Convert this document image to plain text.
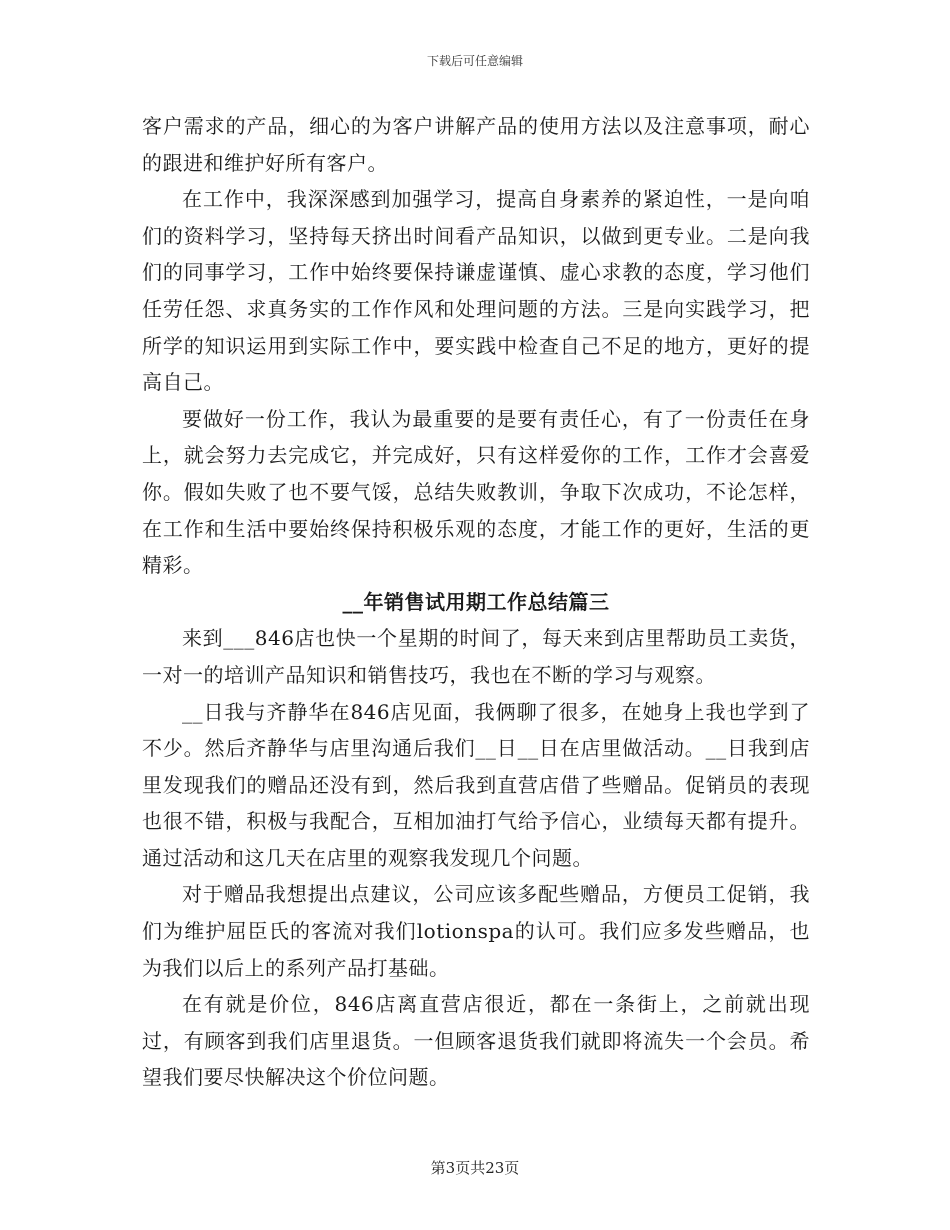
下载后可任意编辑

客户需求的产品，细心的为客户讲解产品的使用方法以及注意事项，耐心的跟进和维护好所有客户。

在工作中，我深深感到加强学习，提高自身素养的紧迫性，一是向咱们的资料学习，坚持每天挤出时间看产品知识，以做到更专业。二是向我们的同事学习，工作中始终要保持谦虚谨慎、虚心求教的态度，学习他们任劳任怨、求真务实的工作作风和处理问题的方法。三是向实践学习，把所学的知识运用到实际工作中，要实践中检查自己不足的地方，更好的提高自己。

要做好一份工作，我认为最重要的是要有责任心，有了一份责任在身上，就会努力去完成它，并完成好，只有这样爱你的工作，工作才会喜爱你。假如失败了也不要气馁，总结失败教训，争取下次成功，不论怎样，在工作和生活中要始终保持积极乐观的态度，才能工作的更好，生活的更精彩。

__年销售试用期工作总结篇三

来到___846店也快一个星期的时间了，每天来到店里帮助员工卖货，一对一的培训产品知识和销售技巧，我也在不断的学习与观察。

__日我与齐静华在846店见面，我俩聊了很多，在她身上我也学到了不少。然后齐静华与店里沟通后我们__日__日在店里做活动。__日我到店里发现我们的赠品还没有到，然后我到直营店借了些赠品。促销员的表现也很不错，积极与我配合，互相加油打气给予信心，业绩每天都有提升。通过活动和这几天在店里的观察我发现几个问题。

对于赠品我想提出点建议，公司应该多配些赠品，方便员工促销，我们为维护屈臣氏的客流对我们lotionspa的认可。我们应多发些赠品，也为我们以后上的系列产品打基础。

在有就是价位，846店离直营店很近，都在一条街上，之前就出现过，有顾客到我们店里退货。一但顾客退货我们就即将流失一个会员。希望我们要尽快解决这个价位问题。

第3页共23页
